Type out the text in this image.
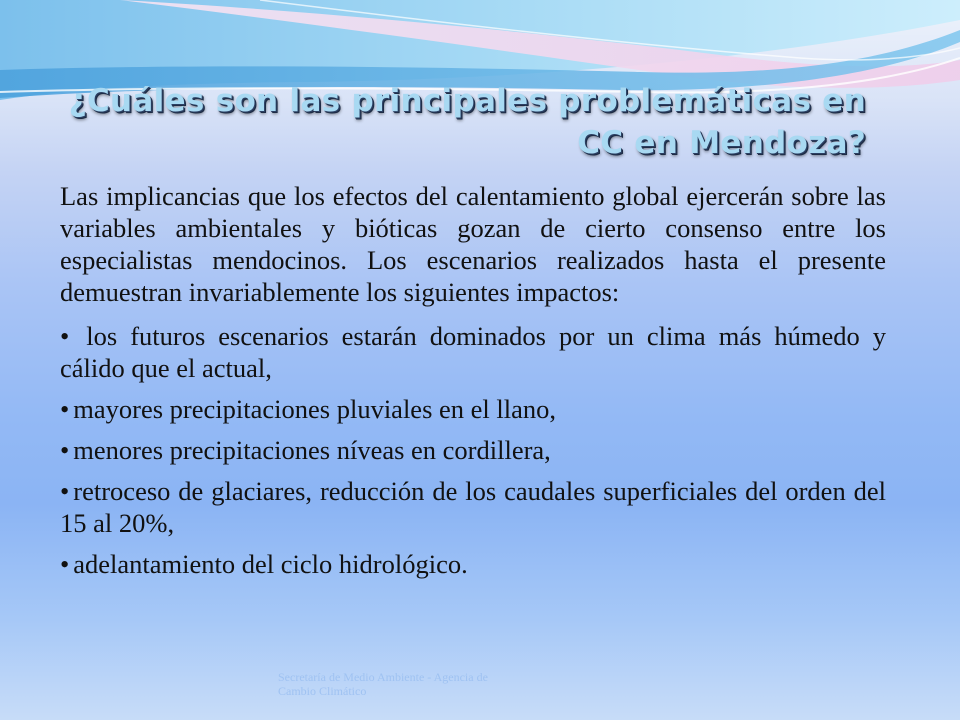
¿Cuáles son las principales problemáticas en CC en Mendoza?

Las implicancias que los efectos del calentamiento global ejercerán sobre las variables ambientales y bióticas gozan de cierto consenso entre los especialistas mendocinos. Los escenarios realizados hasta el presente demuestran invariablemente los siguientes impactos:

• los futuros escenarios estarán dominados por un clima más húmedo y cálido que el actual,

• mayores precipitaciones pluviales en el llano,

• menores precipitaciones níveas en cordillera,

• retroceso de glaciares, reducción de los caudales superficiales del orden del 15 al 20%,

• adelantamiento del ciclo hidrológico.

Secretaría de Medio Ambiente - Agencia de
Cambio Climático
